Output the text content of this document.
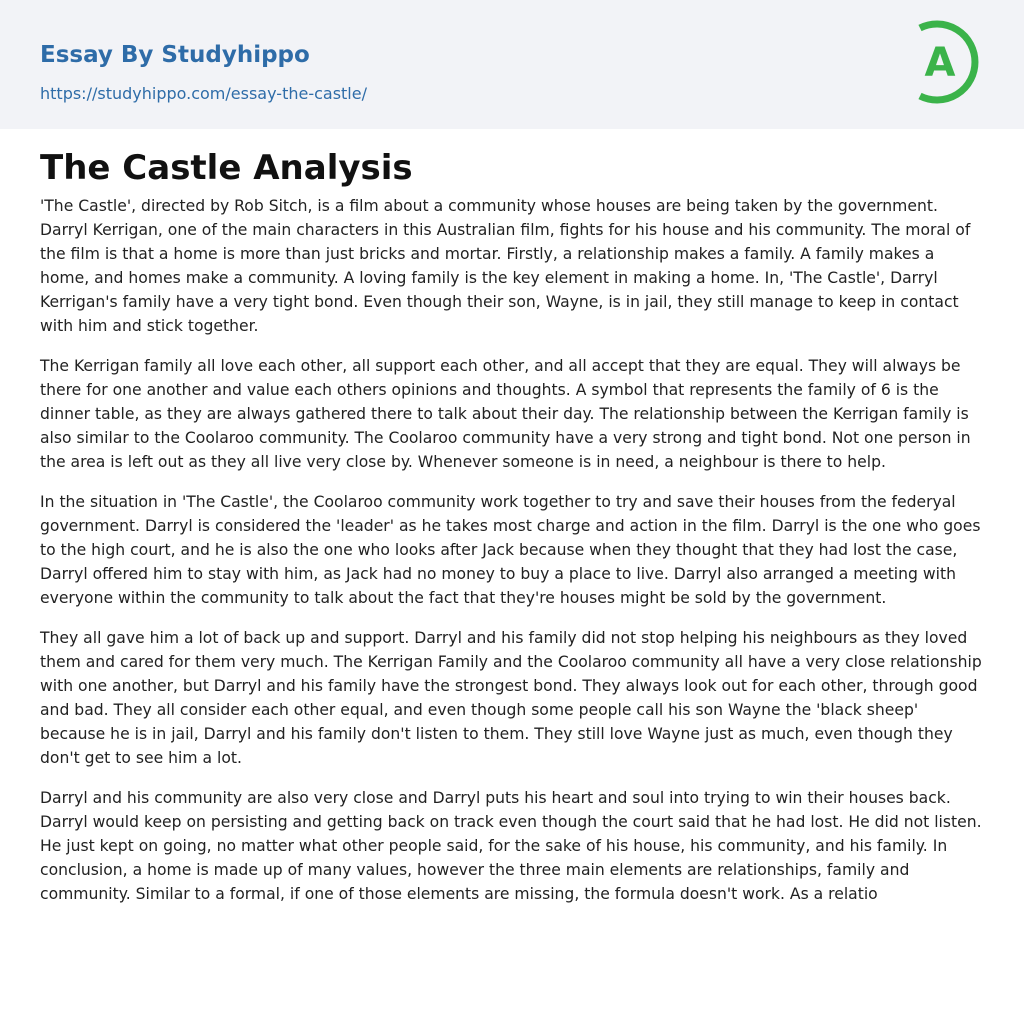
Essay By Studyhippo
https://studyhippo.com/essay-the-castle/
A
The Castle Analysis

'The Castle', directed by Rob Sitch, is a film about a community whose houses are being taken by the government. Darryl Kerrigan, one of the main characters in this Australian film, fights for his house and his community. The moral of the film is that a home is more than just bricks and mortar. Firstly, a relationship makes a family. A family makes a home, and homes make a community. A loving family is the key element in making a home. In, 'The Castle', Darryl Kerrigan's family have a very tight bond. Even though their son, Wayne, is in jail, they still manage to keep in contact with him and stick together.

The Kerrigan family all love each other, all support each other, and all accept that they are equal. They will always be there for one another and value each others opinions and thoughts. A symbol that represents the family of 6 is the dinner table, as they are always gathered there to talk about their day. The relationship between the Kerrigan family is also similar to the Coolaroo community. The Coolaroo community have a very strong and tight bond. Not one person in the area is left out as they all live very close by. Whenever someone is in need, a neighbour is there to help.

In the situation in 'The Castle', the Coolaroo community work together to try and save their houses from the federyal government. Darryl is considered the 'leader' as he takes most charge and action in the film. Darryl is the one who goes to the high court, and he is also the one who looks after Jack because when they thought that they had lost the case, Darryl offered him to stay with him, as Jack had no money to buy a place to live. Darryl also arranged a meeting with everyone within the community to talk about the fact that they're houses might be sold by the government.

They all gave him a lot of back up and support. Darryl and his family did not stop helping his neighbours as they loved them and cared for them very much. The Kerrigan Family and the Coolaroo community all have a very close relationship with one another, but Darryl and his family have the strongest bond. They always look out for each other, through good and bad. They all consider each other equal, and even though some people call his son Wayne the 'black sheep' because he is in jail, Darryl and his family don't listen to them. They still love Wayne just as much, even though they don't get to see him a lot.

Darryl and his community are also very close and Darryl puts his heart and soul into trying to win their houses back. Darryl would keep on persisting and getting back on track even though the court said that he had lost. He did not listen. He just kept on going, no matter what other people said, for the sake of his house, his community, and his family. In conclusion, a home is made up of many values, however the three main elements are relationships, family and community. Similar to a formal, if one of those elements are missing, the formula doesn't work. As a relatio
